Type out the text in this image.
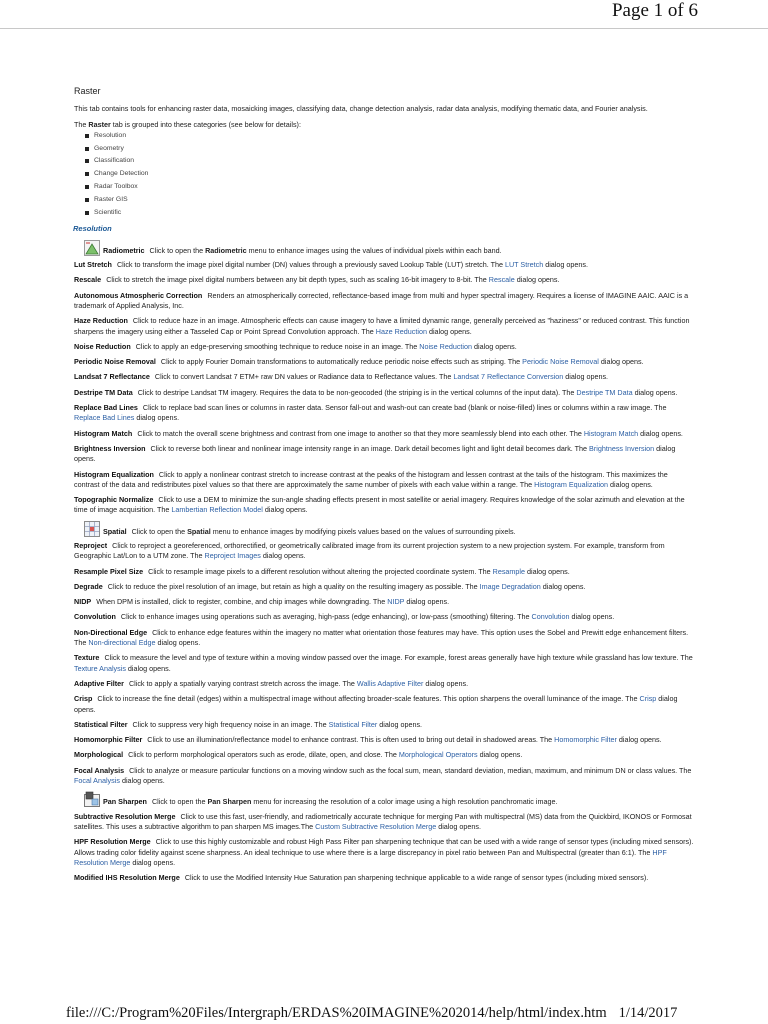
Page 1 of 6
Raster

This tab contains tools for enhancing raster data, mosaicking images, classifying data, change detection analysis, radar data analysis, modifying thematic data, and Fourier analysis.

The Raster tab is grouped into these categories (see below for details):

Resolution
Geometry
Classification
Change Detection
Radar Toolbox
Raster GIS
Scientific
Resolution

Radiometric Click to open the Radiometric menu to enhance images using the values of individual pixels within each band.

Lut Stretch Click to transform the image pixel digital number (DN) values through a previously saved Lookup Table (LUT) stretch. The LUT Stretch dialog opens.

Rescale Click to stretch the image pixel digital numbers between any bit depth types, such as scaling 16-bit imagery to 8-bit. The Rescale dialog opens.

Autonomous Atmospheric Correction Renders an atmospherically corrected, reflectance-based image from multi and hyper spectral imagery. Requires a license of IMAGINE AAIC. AAIC is a trademark of Applied Analysis, Inc.

Haze Reduction Click to reduce haze in an image. Atmospheric effects can cause imagery to have a limited dynamic range, generally perceived as "haziness" or reduced contrast. This function sharpens the imagery using either a Tasseled Cap or Point Spread Convolution approach. The Haze Reduction dialog opens.

Noise Reduction Click to apply an edge-preserving smoothing technique to reduce noise in an image. The Noise Reduction dialog opens.

Periodic Noise Removal Click to apply Fourier Domain transformations to automatically reduce periodic noise effects such as striping. The Periodic Noise Removal dialog opens.

Landsat 7 Reflectance Click to convert Landsat 7 ETM+ raw DN values or Radiance data to Reflectance values. The Landsat 7 Reflectance Conversion dialog opens.

Destripe TM Data Click to destripe Landsat TM imagery. Requires the data to be non-geocoded (the striping is in the vertical columns of the input data). The Destripe TM Data dialog opens.

Replace Bad Lines Click to replace bad scan lines or columns in raster data. Sensor fall-out and wash-out can create bad (blank or noise-filled) lines or columns within a raw image. The Replace Bad Lines dialog opens.

Histogram Match Click to match the overall scene brightness and contrast from one image to another so that they more seamlessly blend into each other. The Histogram Match dialog opens.

Brightness Inversion Click to reverse both linear and nonlinear image intensity range in an image. Dark detail becomes light and light detail becomes dark. The Brightness Inversion dialog opens.

Histogram Equalization Click to apply a nonlinear contrast stretch to increase contrast at the peaks of the histogram and lessen contrast at the tails of the histogram. This maximizes the contrast of the data and redistributes pixel values so that there are approximately the same number of pixels with each value within a range. The Histogram Equalization dialog opens.

Topographic Normalize Click to use a DEM to minimize the sun-angle shading effects present in most satellite or aerial imagery. Requires knowledge of the solar azimuth and elevation at the time of image acquisition. The Lambertian Reflection Model dialog opens.

Spatial Click to open the Spatial menu to enhance images by modifying pixels values based on the values of surrounding pixels.

Reproject Click to reproject a georeferenced, orthorectified, or geometrically calibrated image from its current projection system to a new projection system. For example, transform from Geographic Lat/Lon to a UTM zone. The Reproject Images dialog opens.

Resample Pixel Size Click to resample image pixels to a different resolution without altering the projected coordinate system. The Resample dialog opens.

Degrade Click to reduce the pixel resolution of an image, but retain as high a quality on the resulting imagery as possible. The Image Degradation dialog opens.

NIDP When DPM is installed, click to register, combine, and chip images while downgrading. The NIDP dialog opens.

Convolution Click to enhance images using operations such as averaging, high-pass (edge enhancing), or low-pass (smoothing) filtering. The Convolution dialog opens.

Non-Directional Edge Click to enhance edge features within the imagery no matter what orientation those features may have. This option uses the Sobel and Prewitt edge enhancement filters. The Non-directional Edge dialog opens.

Texture Click to measure the level and type of texture within a moving window passed over the image. For example, forest areas generally have high texture while grassland has low texture. The Texture Analysis dialog opens.

Adaptive Filter Click to apply a spatially varying contrast stretch across the image. The Wallis Adaptive Filter dialog opens.

Crisp Click to increase the fine detail (edges) within a multispectral image without affecting broader-scale features. This option sharpens the overall luminance of the image. The Crisp dialog opens.

Statistical Filter Click to suppress very high frequency noise in an image. The Statistical Filter dialog opens.

Homomorphic Filter Click to use an illumination/reflectance model to enhance contrast. This is often used to bring out detail in shadowed areas. The Homomorphic Filter dialog opens.

Morphological Click to perform morphological operators such as erode, dilate, open, and close. The Morphological Operators dialog opens.

Focal Analysis Click to analyze or measure particular functions on a moving window such as the focal sum, mean, standard deviation, median, maximum, and minimum DN or class values. The Focal Analysis dialog opens.

Pan Sharpen Click to open the Pan Sharpen menu for increasing the resolution of a color image using a high resolution panchromatic image.

Subtractive Resolution Merge Click to use this fast, user-friendly, and radiometrically accurate technique for merging Pan with multispectral (MS) data from the Quickbird, IKONOS or Formosat satellites. This uses a subtractive algorithm to pan sharpen MS images.The Custom Subtractive Resolution Merge dialog opens.

HPF Resolution Merge Click to use this highly customizable and robust High Pass Filter pan sharpening technique that can be used with a wide range of sensor types (including mixed sensors). Allows trading color fidelity against scene sharpness. An ideal technique to use where there is a large discrepancy in pixel ratio between Pan and Multispectral (greater than 6:1). The HPF Resolution Merge dialog opens.

Modified IHS Resolution Merge Click to use the Modified Intensity Hue Saturation pan sharpening technique applicable to a wide range of sensor types (including mixed sensors).

file:///C:/Program%20Files/Intergraph/ERDAS%20IMAGINE%202014/help/html/index.htm 1/14/2017
